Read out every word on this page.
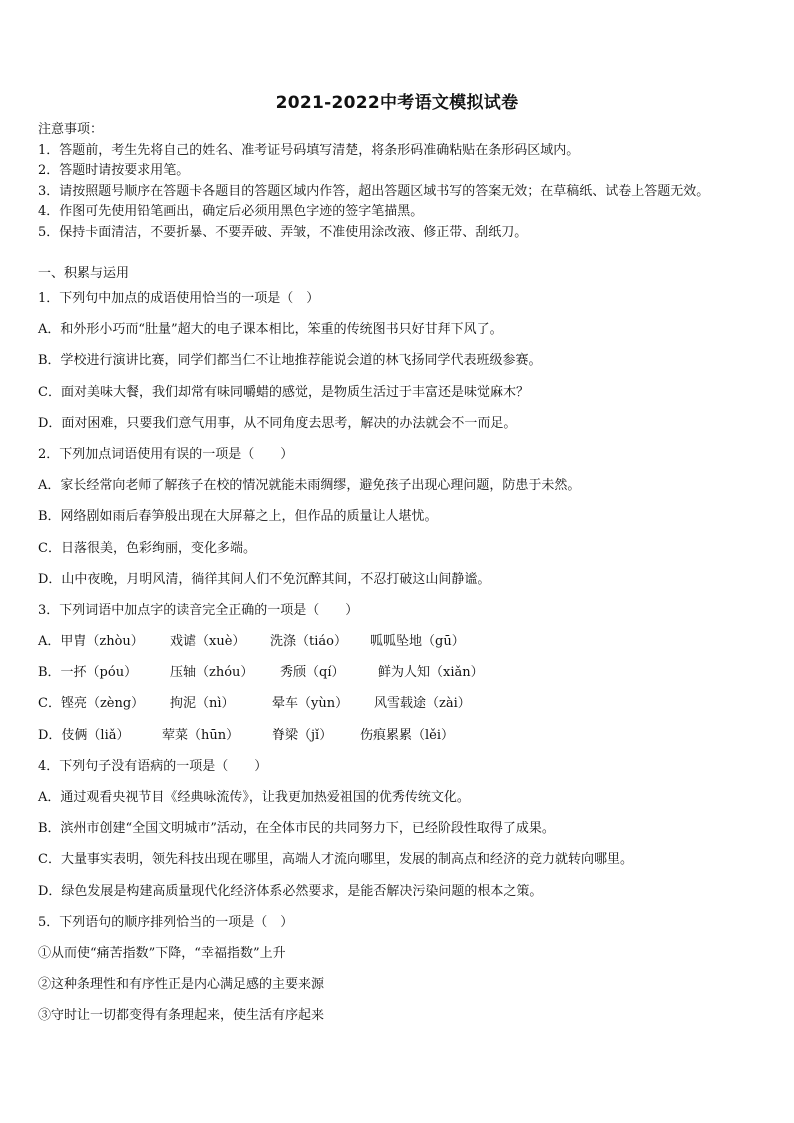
2021-2022中考语文模拟试卷
注意事项：
1．答题前，考生先将自己的姓名、准考证号码填写清楚，将条形码准确粘贴在条形码区域内。
2．答题时请按要求用笔。
3．请按照题号顺序在答题卡各题目的答题区域内作答，超出答题区域书写的答案无效；在草稿纸、试卷上答题无效。
4．作图可先使用铅笔画出，确定后必须用黑色字迹的签字笔描黑。
5．保持卡面清洁，不要折暴、不要弄破、弄皱，不准使用涂改液、修正带、刮纸刀。
一、积累与运用
1．下列句中加点的成语使用恰当的一项是（　）
A．和外形小巧而“肚量”超大的电子课本相比，笨重的传统图书只好甘拜下风了。
B．学校进行演讲比赛，同学们都当仁不让地推荐能说会道的林飞扬同学代表班级参赛。
C．面对美味大餐，我们却常有味同嚼蜡的感觉，是物质生活过于丰富还是味觉麻木？
D．面对困难，只要我们意气用事，从不同角度去思考，解决的办法就会不一而足。
2．下列加点词语使用有误的一项是（　　）
A．家长经常向老师了解孩子在校的情况就能未雨绸缪，避免孩子出现心理问题，防患于未然。
B．网络剧如雨后春笋般出现在大屏幕之上，但作品的质量让人堪忧。
C．日落很美，色彩绚丽，变化多端。
D．山中夜晚，月明风清，徜徉其间人们不免沉醉其间，不忍打破这山间静谧。
3．下列词语中加点字的读音完全正确的一项是（　　）
A．甲胄（zhòu）	戏谑（xuè）	洗涤（tiáo）	呱呱坠地（gū）
B．一抔（póu）	压轴（zhóu）	秀颀（qí）	鲜为人知（xiǎn）
C．铿亮（zèng）	拘泥（nì）	晕车（yùn）	风雪载途（zài）
D．伎俩（liǎ）	荤菜（hūn）	脊梁（jǐ）	伤痕累累（lěi）
4．下列句子没有语病的一项是（　　）
A．通过观看央视节目《经典咏流传》，让我更加热爱祖国的优秀传统文化。
B．滨州市创建“全国文明城市”活动，在全体市民的共同努力下，已经阶段性取得了成果。
C．大量事实表明，领先科技出现在哪里，高端人才流向哪里，发展的制高点和经济的竞力就转向哪里。
D．绿色发展是构建高质量现代化经济体系必然要求，是能否解决污染问题的根本之策。
5．下列语句的顺序排列恰当的一项是（　）
①从而使“痛苦指数”下降，“幸福指数”上升
②这种条理性和有序性正是内心满足感的主要来源
③守时让一切都变得有条理起来，使生活有序起来
